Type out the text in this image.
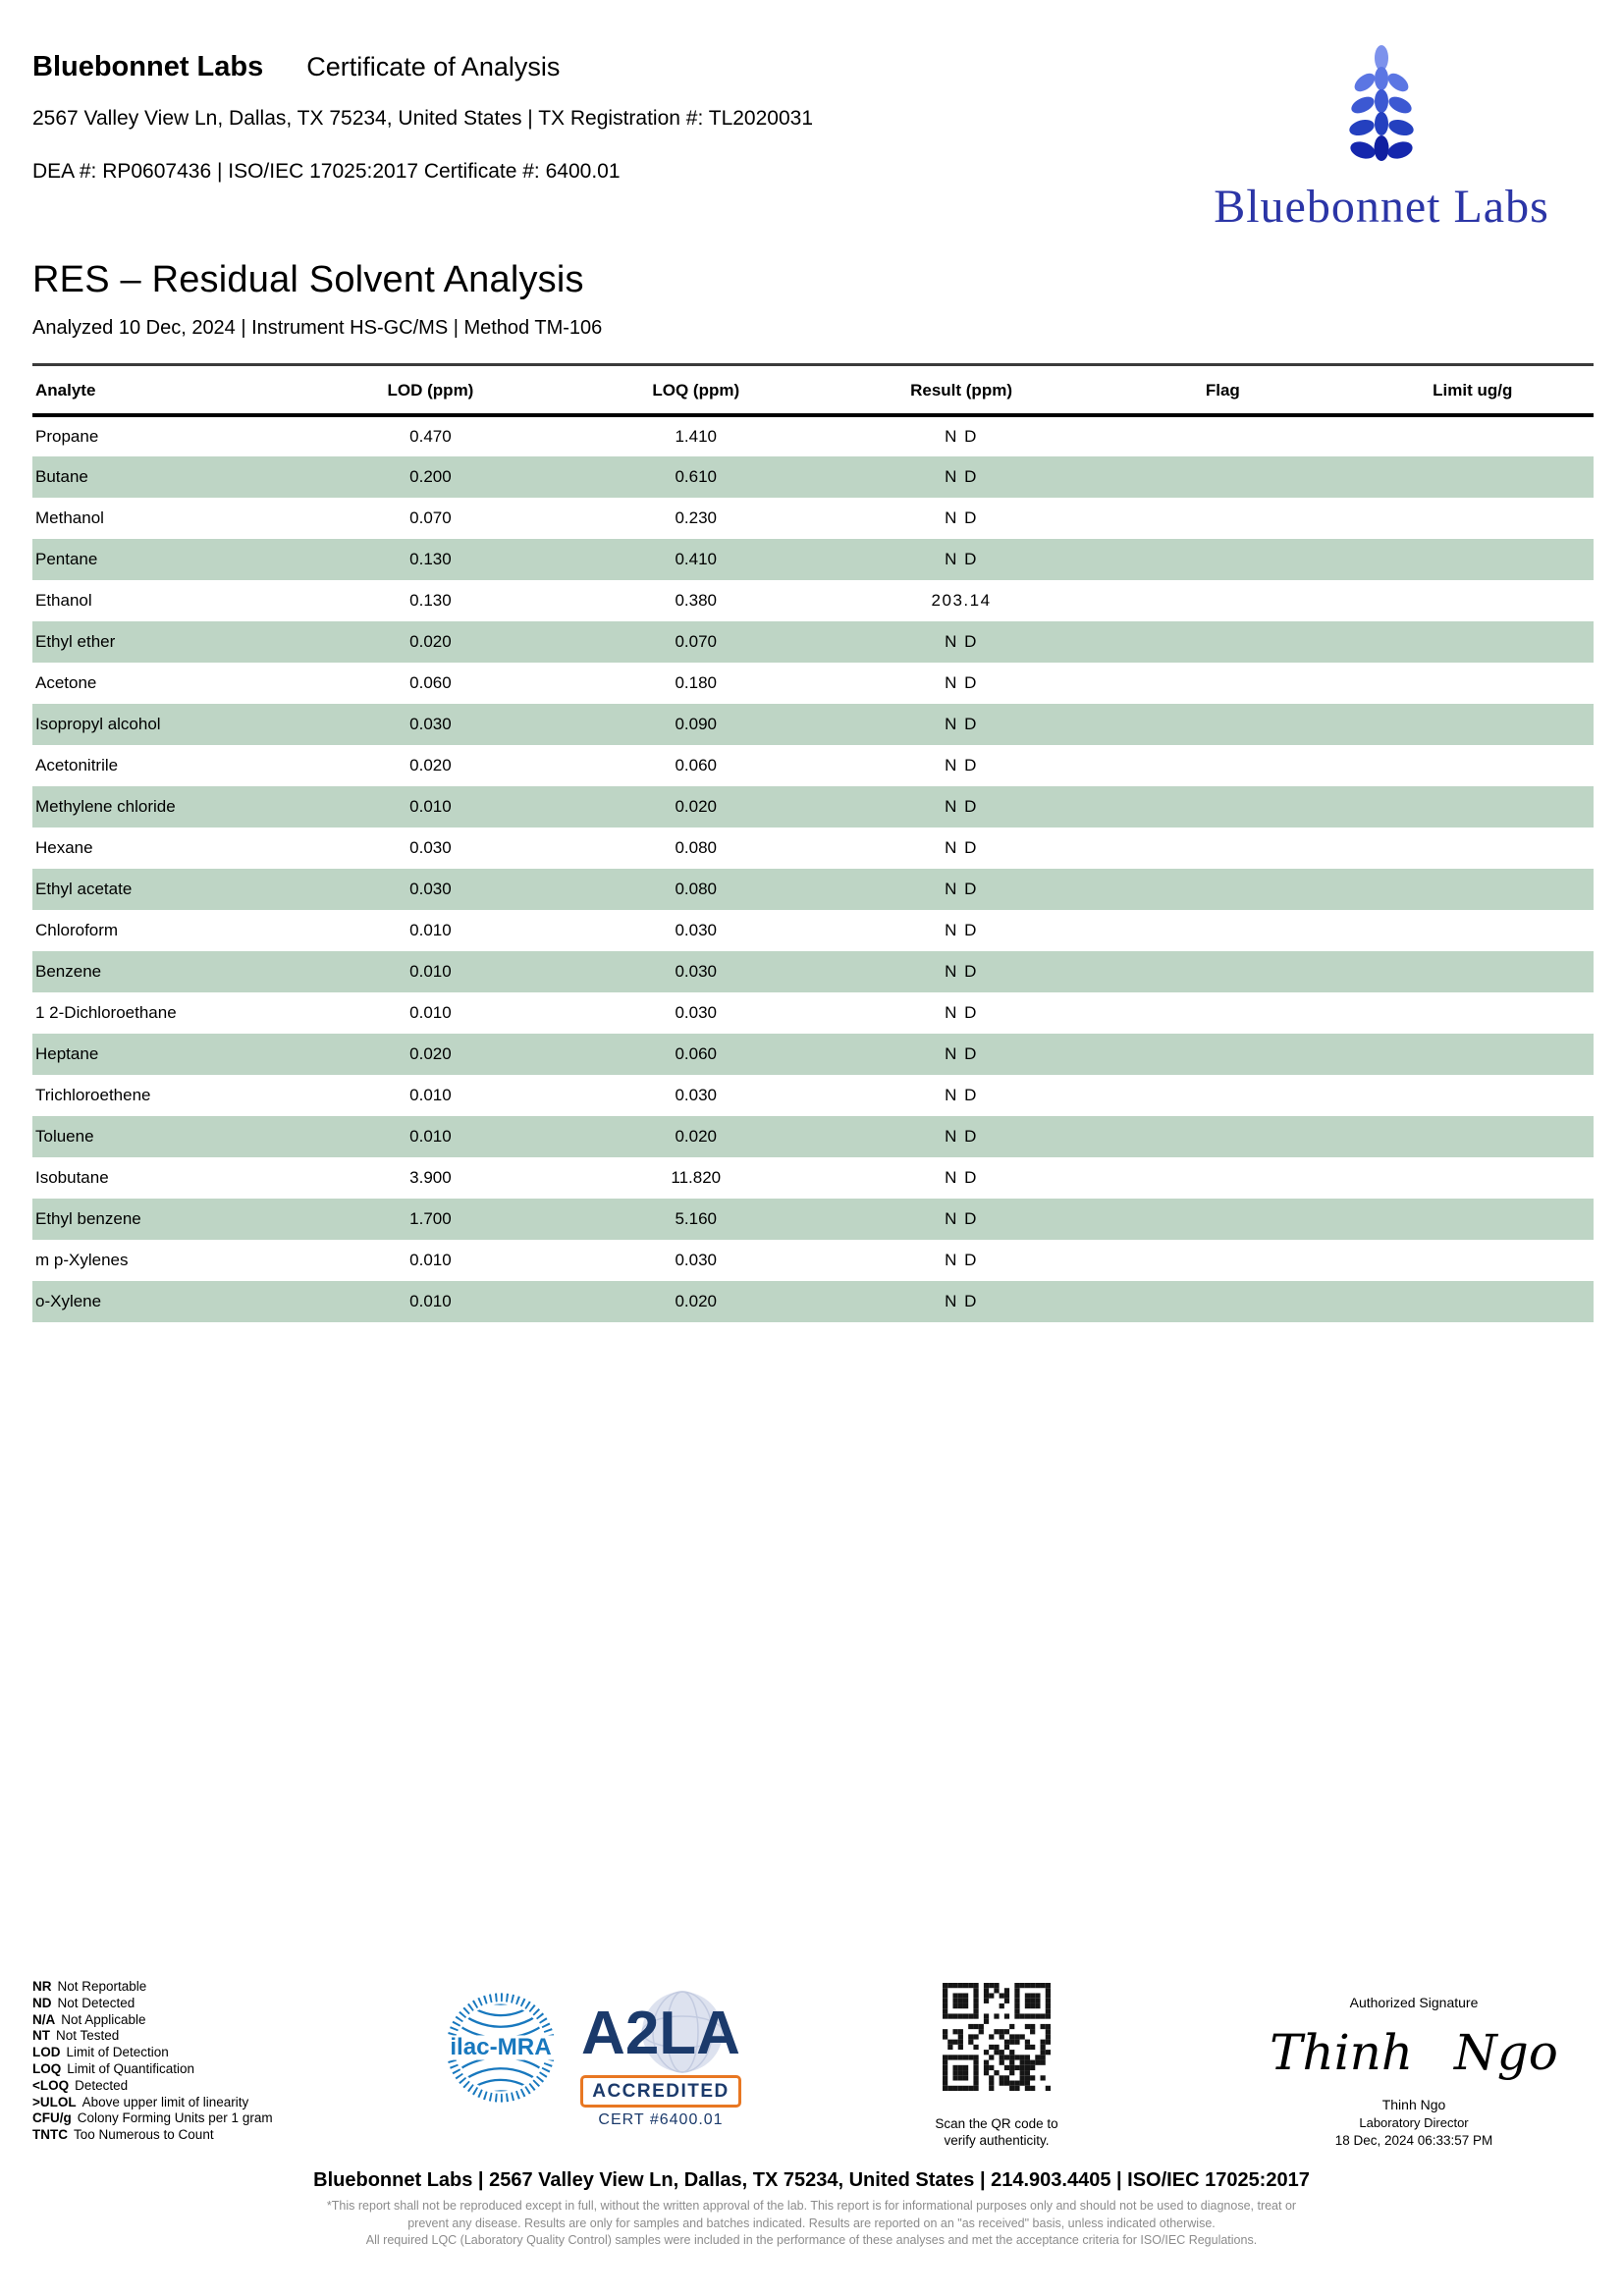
Bluebonnet Labs Certificate of Analysis
2567 Valley View Ln, Dallas, TX 75234, United States | TX Registration #: TL2020031
DEA #: RP0607436 | ISO/IEC 17025:2017 Certificate #: 6400.01
Bluebonnet Labs
RES – Residual Solvent Analysis
Analyzed 10 Dec, 2024 | Instrument HS-GC/MS | Method TM-106
Analyte	LOD (ppm)	LOQ (ppm)	Result (ppm)	Flag	Limit ug/g
Propane	0.470	1.410	N D		
Butane	0.200	0.610	N D		
Methanol	0.070	0.230	N D		
Pentane	0.130	0.410	N D		
Ethanol	0.130	0.380	203.14		
Ethyl ether	0.020	0.070	N D		
Acetone	0.060	0.180	N D		
Isopropyl alcohol	0.030	0.090	N D		
Acetonitrile	0.020	0.060	N D		
Methylene chloride	0.010	0.020	N D		
Hexane	0.030	0.080	N D		
Ethyl acetate	0.030	0.080	N D		
Chloroform	0.010	0.030	N D		
Benzene	0.010	0.030	N D		
1 2-Dichloroethane	0.010	0.030	N D		
Heptane	0.020	0.060	N D		
Trichloroethene	0.010	0.030	N D		
Toluene	0.010	0.020	N D		
Isobutane	3.900	11.820	N D		
Ethyl benzene	1.700	5.160	N D		
m p-Xylenes	0.010	0.030	N D		
o-Xylene	0.010	0.020	N D		
NR Not Reportable
ND Not Detected
N/A Not Applicable
NT Not Tested
LOD Limit of Detection
LOQ Limit of Quantification
<LOQ Detected
>ULOL Above upper limit of linearity
CFU/g Colony Forming Units per 1 gram
TNTC Too Numerous to Count
ilac-MRA A2LA
ACCREDITED
CERT #6400.01	Scan the QR code to
verify authenticity.
Authorized Signature
Thinh Ngo
Thinh Ngo
Laboratory Director
18 Dec, 2024 06:33:57 PM
Bluebonnet Labs | 2567 Valley View Ln, Dallas, TX 75234, United States | 214.903.4405 | ISO/IEC 17025:2017
*This report shall not be reproduced except in full, without the written approval of the lab. This report is for informational purposes only and should not be used to diagnose, treat or
prevent any disease. Results are only for samples and batches indicated. Results are reported on an "as received" basis, unless indicated otherwise.
All required LQC (Laboratory Quality Control) samples were included in the performance of these analyses and met the acceptance criteria for ISO/IEC Regulations.
